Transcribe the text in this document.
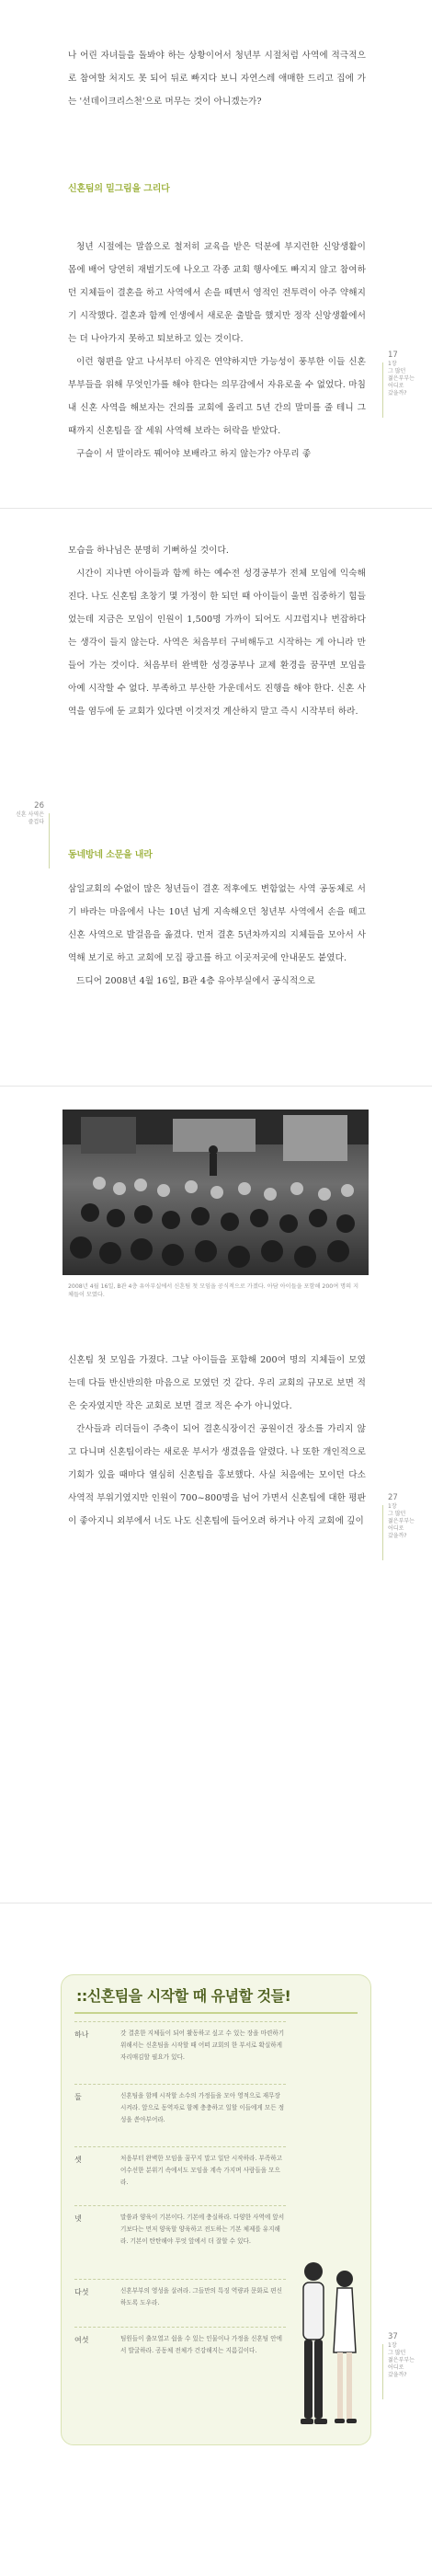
나 어린 자녀들을 돌봐야 하는 상황이어서 청년부 시절처럼 사역에 적극적으로 참여할 처지도 못 되어 뒤로 빠지다 보니 자연스레 애매한 드리고 집에 가는 '선데이크리스천'으로 머무는 것이 아니겠는가?

신혼팀의 밑그림을 그리다

청년 시절에는 말씀으로 철저히 교육을 받은 덕분에 부지런한 신앙생활이 몸에 배어 당연히 재벌기도에 나오고 각종 교회 행사에도 빠지지 않고 참여하던 지체들이 결혼을 하고 사역에서 손을 떼면서 영적인 전투력이 아주 약해지기 시작했다. 결혼과 함께 인생에서 새로운 출발을 했지만 정작 신앙생활에서는 더 나아가지 못하고 퇴보하고 있는 것이다.

이런 형편을 알고 나서부터 아직은 연약하지만 가능성이 풍부한 이들 신혼부부들을 위해 무엇인가를 해야 한다는 의무감에서 자유로울 수 없었다. 마침내 신혼 사역을 해보자는 건의를 교회에 올리고 5년 간의 말미를 줄 테니 그때까지 신혼팀을 잘 세워 사역해 보라는 허락을 받았다.

구슬이 서 말이라도 꿰어야 보배라고 하지 않는가? 아무리 좋

17
1장
그 많던
젊은부부는
어디로
갔을까?

모습을 하나님은 분명히 기뻐하실 것이다.

시간이 지나면 아이들과 함께 하는 예수전 성경공부가 전체 모임에 익숙해진다. 나도 신혼팀 초창기 몇 가정이 한 되던 때 아이들이 울면 집중하기 힘들었는데 지금은 모임이 인원이 1,500명 가까이 되어도 시끄럽지나 번잡하다는 생각이 들지 않는다. 사역은 처음부터 구비해두고 시작하는 게 아니라 만들어 가는 것이다. 처음부터 완벽한 성경공부나 교제 환경을 꿈꾸면 모임을 아예 시작할 수 없다. 부족하고 부산한 가운데서도 진행을 해야 한다. 신혼 사역을 염두에 둔 교회가 있다면 이것저것 계산하지 말고 즉시 시작부터 하라.

동네방네 소문을 내라

삼일교회의 수없이 많은 청년들이 결혼 적후에도 변함없는 사역 공동체로 서기 바라는 마음에서 나는 10년 넘게 지속해오던 청년부 사역에서 손을 떼고 신혼 사역으로 발걸음을 옮겼다. 먼저 결혼 5년차까지의 지체들을 모아서 사역해 보기로 하고 교회에 모집 광고를 하고 이곳저곳에 안내문도 붙였다.

드디어 2008년 4월 16일, B관 4층 유아부실에서 공식적으로

26
신혼 사역은
즐겁다
2008년 4월 16일, B관 4층 유아부실에서 신혼팀 첫 모임을 공식적으로 가졌다. 아담 아이들을 포함해 200여 명의 지체들이 모였다.

신혼팀 첫 모임을 가졌다. 그날 아이들을 포함해 200여 명의 지체들이 모였는데 다들 반신반의한 마음으로 모였던 것 같다. 우리 교회의 규모로 보면 적은 숫자였지만 작은 교회로 보면 결코 적은 수가 아니었다.

간사들과 리더들이 주축이 되어 결혼식장이건 공원이건 장소를 가리지 않고 다니며 신혼팀이라는 새로운 부서가 생겼음을 알렸다. 나 또한 개인적으로 기회가 있을 때마다 열심히 신혼팀을 홍보했다. 사실 처음에는 모이던 다소 사역적 부위기였지만 인원이 700~800명을 넘어 가면서 신혼팀에 대한 평판이 좋아지니 외부에서 너도 나도 신혼팀에 들어오려 하거나 아직 교회에 깊이

27
1장
그 많던
젊은부부는
어디로
갔을까?
::신혼팀을 시작할 때 유념할 것들!
하나	갓 결혼한 지체들이 되어 활동하고 싶고 수 있는 장을 마련하기 위해서는 신혼팀을 시작할 때 어떠 교회의 한 부서로 확실하게 자리매김할 필요가 있다.
둘	신혼팀을 함께 시작할 소수의 가정들을 모아 영적으로 재무장시켜라. 앞으로 동역자로 함께 충충하고 일할 이들에게 모든 정성을 쏟아부어라.
셋	처음부터 완벽한 모임을 꿈꾸지 말고 일단 시작하라. 부족하고 어수선한 분위기 속에서도 모임을 계속 가지며 사람들을 모으라.
넷	말씀과 양육이 기본이다. 기본에 충실하라. 다양한 사역에 앞서기보다는 먼저 양육할 양육하고 전도하는 기본 체제를 유지해라. 기본이 탄탄해야 무엇 앞에서 더 잘할 수 있다.
다섯	신혼부부의 영성을 살려라. 그들만의 특징 역량과 문화로 편신하도록 도우라.
여섯	팀원들이 출모열고 쉽을 수 있는 인물이나 가정을 신혼팀 안에서 발굴하라. 공동체 전체가 건강해지는 지름길이다.
37
1장
그 많던
젊은부부는
어디로
갔을까?
